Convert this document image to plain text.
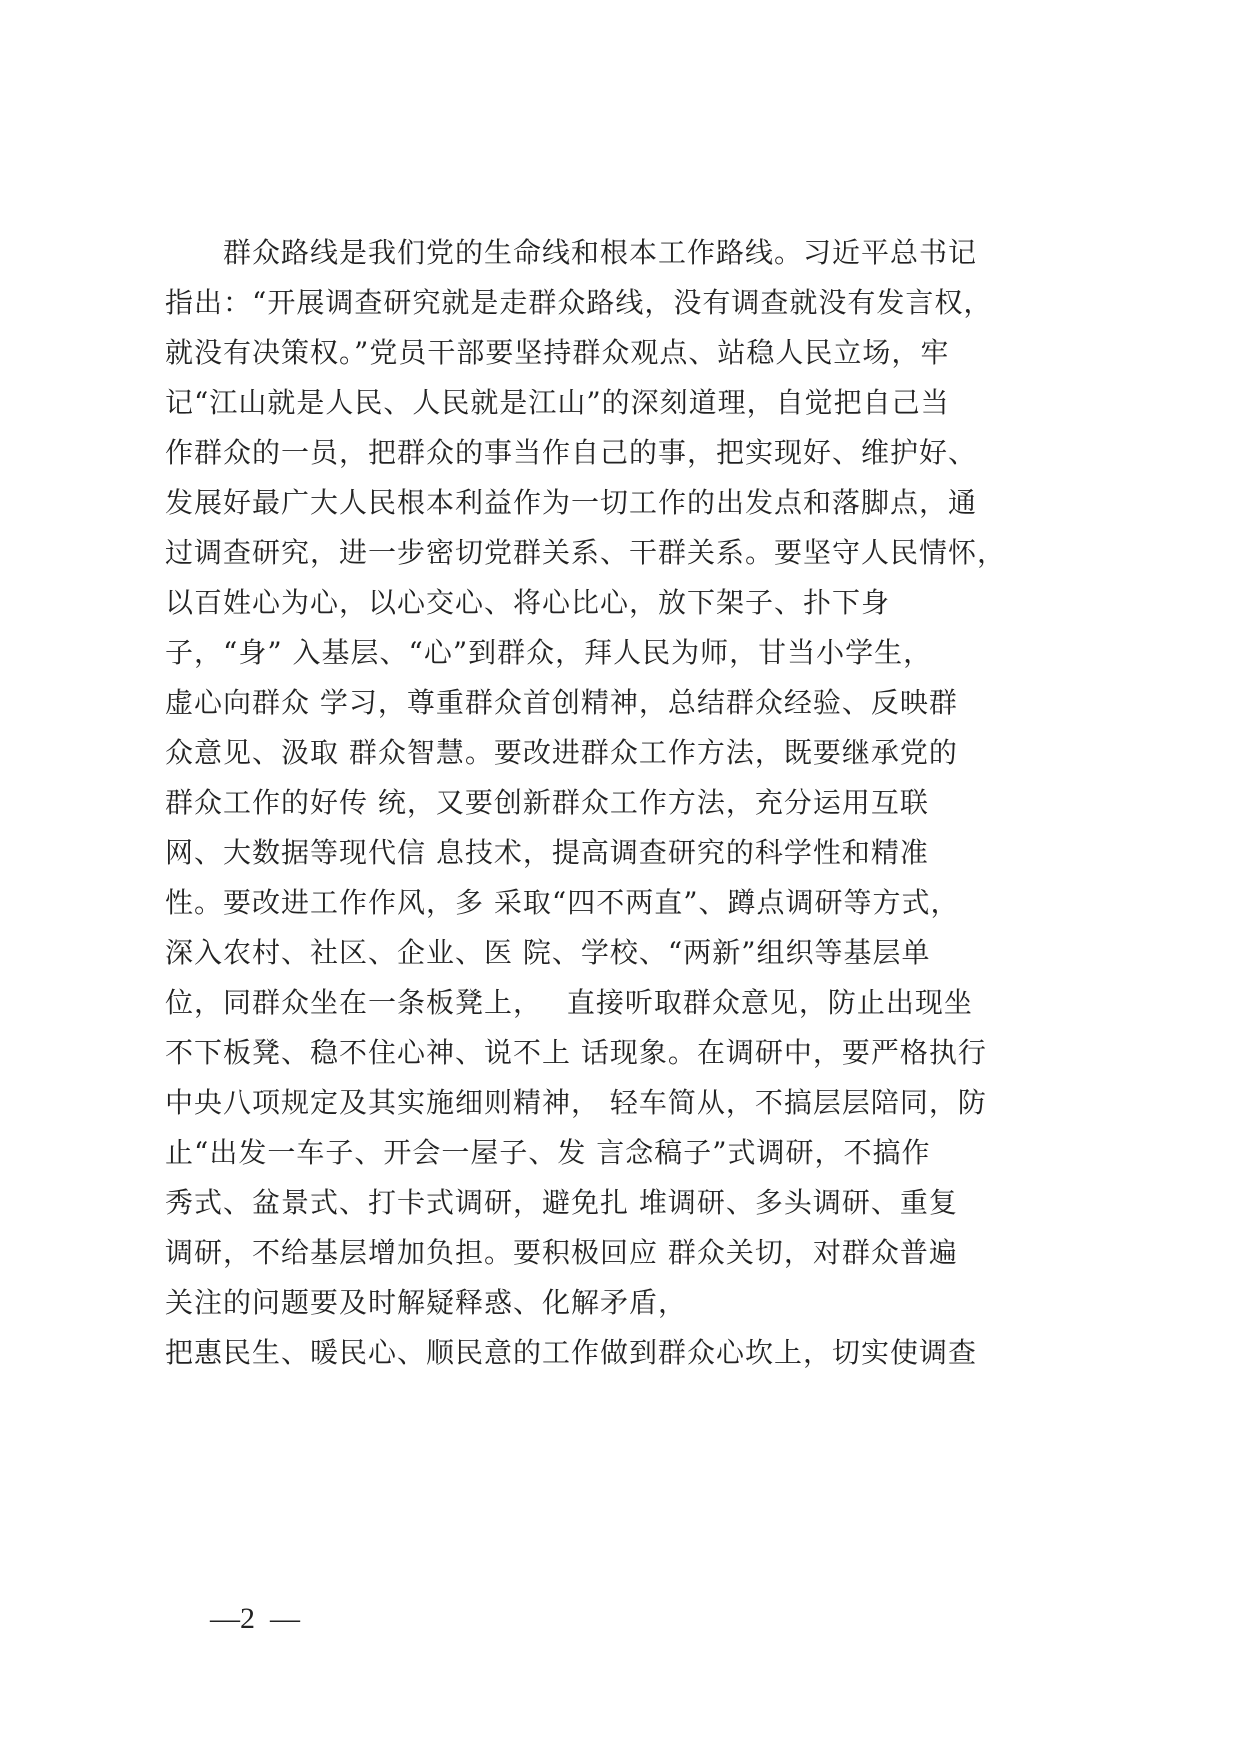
　　群众路线是我们党的生命线和根本工作路线。习近平总书记
指出：“开展调查研究就是走群众路线，没有调查就没有发言权，
就没有决策权。”党员干部要坚持群众观点、站稳人民立场，牢
记“江山就是人民、人民就是江山”的深刻道理，自觉把自己当
作群众的一员，把群众的事当作自己的事，把实现好、维护好、
发展好最广大人民根本利益作为一切工作的出发点和落脚点，通
过调查研究，进一步密切党群关系、干群关系。要坚守人民情怀，
以百姓心为心，以心交心、将心比心，放下架子、扑下身
子，“身” 入基层、“心”到群众，拜人民为师，甘当小学生，
虚心向群众 学习，尊重群众首创精神，总结群众经验、反映群
众意见、汲取 群众智慧。要改进群众工作方法，既要继承党的
群众工作的好传 统，又要创新群众工作方法，充分运用互联
网、大数据等现代信 息技术，提高调查研究的科学性和精准
性。要改进工作作风，多 采取“四不两直”、蹲点调研等方式，
深入农村、社区、企业、医 院、学校、“两新”组织等基层单
位，同群众坐在一条板凳上，　 直接听取群众意见，防止出现坐
不下板凳、稳不住心神、说不上 话现象。在调研中，要严格执行
中央八项规定及其实施细则精神， 轻车简从，不搞层层陪同，防
止“出发一车子、开会一屋子、发 言念稿子”式调研，不搞作
秀式、盆景式、打卡式调研，避免扎 堆调研、多头调研、重复
调研，不给基层增加负担。要积极回应 群众关切，对群众普遍
关注的问题要及时解疑释惑、化解矛盾，
把惠民生、暖民心、顺民意的工作做到群众心坎上，切实使调查
—2  —
